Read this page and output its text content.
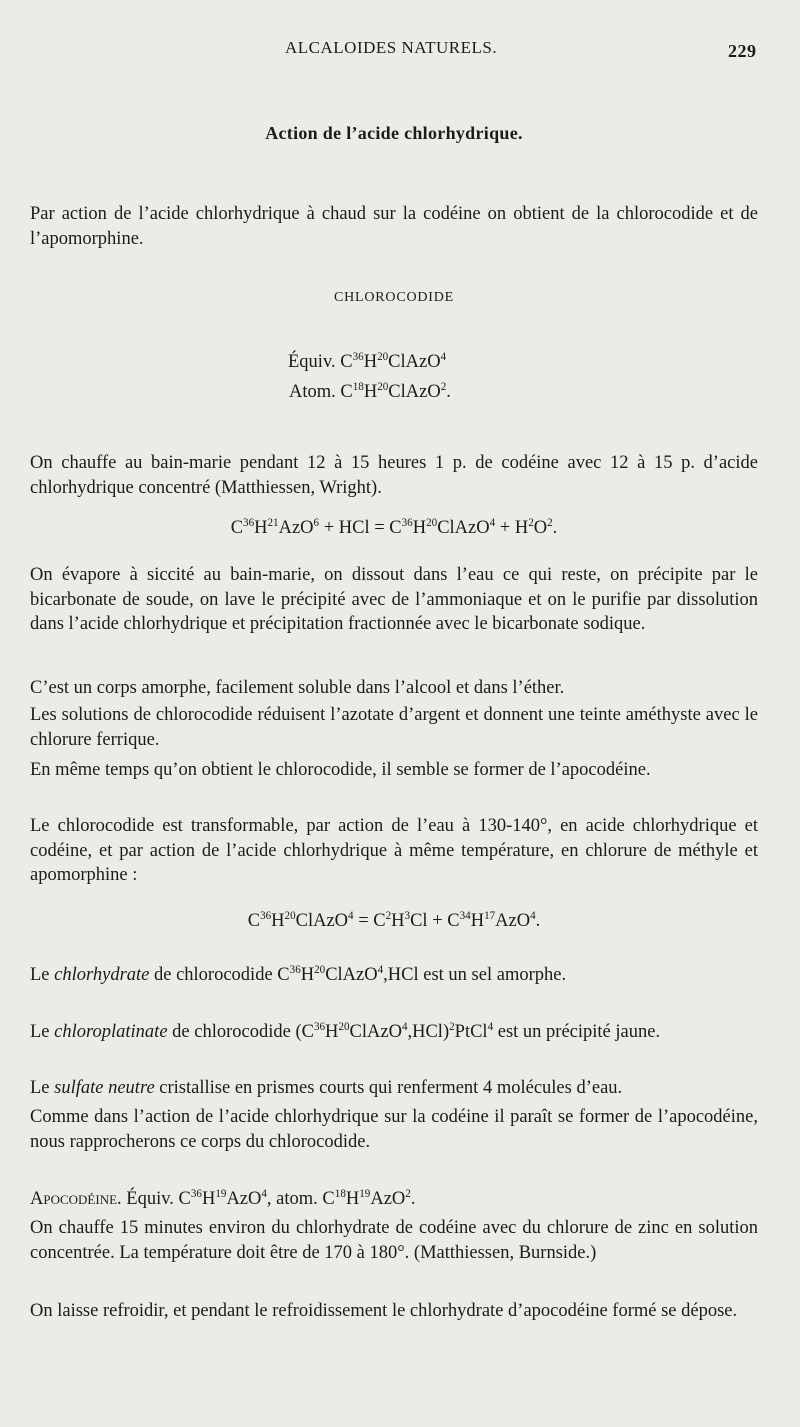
ALCALOIDES NATURELS.	229

Action de l’acide chlorhydrique.

Par action de l’acide chlorhydrique à chaud sur la codéine on obtient de la chlorocodide et de l’apomorphine.

CHLOROCODIDE

Équiv. $C^{36}H^{20}ClAzO^4$
Atom. $C^{18}H^{20}ClAzO^2$.

On chauffe au bain-marie pendant 12 à 15 heures 1 p. de codéine avec 12 à 15 p. d’acide chlorhydrique concentré (Matthiessen, Wright).

$C^{36}H^{21}AzO^6$ + HCl = $C^{36}H^{20}ClAzO^4 + H^2O^2$.

On évapore à siccité au bain-marie, on dissout dans l’eau ce qui reste, on précipite par le bicarbonate de soude, on lave le précipité avec de l’ammoniaque et on le purifie par dissolution dans l’acide chlorhydrique et précipitation fractionnée avec le bicarbonate sodique.

C’est un corps amorphe, facilement soluble dans l’alcool et dans l’éther.

Les solutions de chlorocodide réduisent l’azotate d’argent et donnent une teinte améthyste avec le chlorure ferrique.

En même temps qu’on obtient le chlorocodide, il semble se former de l’apocodéine.

Le chlorocodide est transformable, par action de l’eau à 130-140°, en acide chlorhydrique et codéine, et par action de l’acide chlorhydrique à même température, en chlorure de méthyle et apomorphine :

$C^{36}H^{20}ClAzO^4 = C^2H^3Cl + C^{34}H^{17}AzO^4$.

Le chlorhydrate de chlorocodide $C^{36}H^{20}ClAzO^4,HCl$ est un sel amorphe.

Le chloroplatinate de chlorocodide $(C^{36}H^{20}ClAzO^4,HCl)^2PtCl^4$ est un précipité jaune.

Le sulfate neutre cristallise en prismes courts qui renferment 4 molécules d’eau.

Comme dans l’action de l’acide chlorhydrique sur la codéine il paraît se former de l’apocodéine, nous rapprocherons ce corps du chlorocodide.

Apocodéine. Équiv. $C^{36}H^{19}AzO^4$, atom. $C^{18}H^{19}AzO^2$.

On chauffe 15 minutes environ du chlorhydrate de codéine avec du chlorure de zinc en solution concentrée. La température doit être de 170 à 180°. (Matthiessen, Burnside.)

On laisse refroidir, et pendant le refroidissement le chlorhydrate d’apocodéine formé se dépose.
